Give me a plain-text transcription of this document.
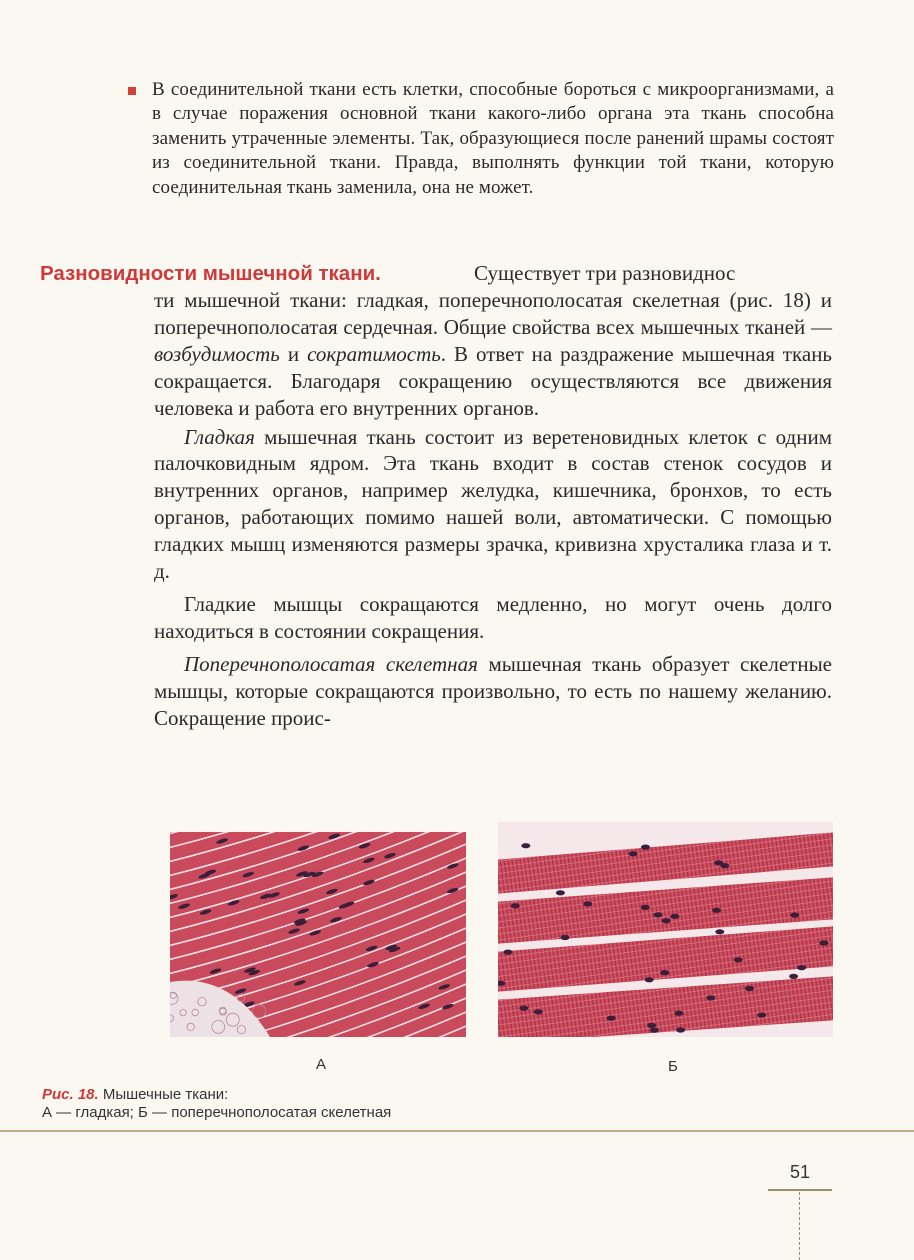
В соединительной ткани есть клетки, способные бороться с микроорганизмами, а в случае поражения основной ткани какого-либо органа эта ткань способна заменить утраченные элементы. Так, образующиеся после ранений шрамы состоят из соединительной ткани. Правда, выполнять функции той ткани, которую соединительная ткань заменила, она не может.
Разновидности мышечной ткани.	Существует три разновиднос

ти мышечной ткани: гладкая, поперечнополосатая скелетная (рис. 18) и поперечнополосатая сердечная. Общие свойства всех мышечных тканей — возбудимость и сократимость. В ответ на раздражение мышечная ткань сокращается. Благодаря сокращению осуществляются все движения человека и работа его внутренних органов.

Гладкая мышечная ткань состоит из веретеновидных клеток с одним палочковидным ядром. Эта ткань входит в состав стенок сосудов и внутренних органов, например желудка, кишечника, бронхов, то есть органов, работающих помимо нашей воли, автоматически. С помощью гладких мышц изменяются размеры зрачка, кривизна хрусталика глаза и т. д.

Гладкие мышцы сокращаются медленно, но могут очень долго находиться в состоянии сокращения.

Поперечнополосатая скелетная мышечная ткань образует скелетные мышцы, которые сокращаются произвольно, то есть по нашему желанию. Сокращение проис-

А	Б
Рис. 18. Мышечные ткани:
А — гладкая; Б — поперечнополосатая скелетная
51
